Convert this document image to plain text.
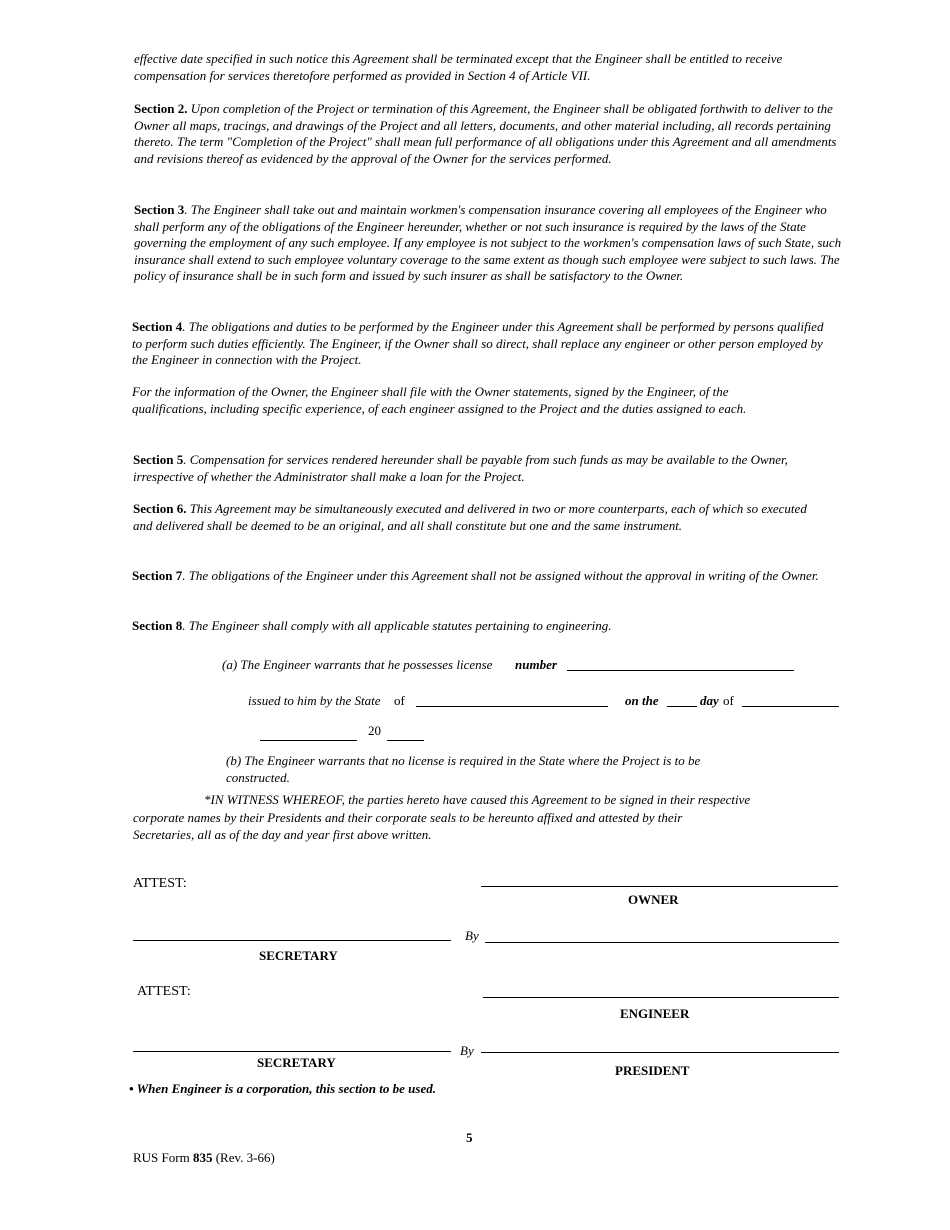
effective date specified in such notice this Agreement shall be terminated except that the Engineer shall be entitled to receive compensation for services theretofore performed as provided in Section 4 of Article VII.

Section 2. Upon completion of the Project or termination of this Agreement, the Engineer shall be obligated forthwith to deliver to the Owner all maps, tracings, and drawings of the Project and all letters, documents, and other material including, all records pertaining thereto. The term "Completion of the Project" shall mean full performance of all obligations under this Agreement and all amendments and revisions thereof as evidenced by the approval of the Owner for the services performed.

Section 3. The Engineer shall take out and maintain workmen's compensation insurance covering all employees of the Engineer who shall perform any of the obligations of the Engineer hereunder, whether or not such insurance is required by the laws of the State governing the employment of any such employee. If any employee is not subject to the workmen's compensation laws of such State, such insurance shall extend to such employee voluntary coverage to the same extent as though such employee were subject to such laws. The policy of insurance shall be in such form and issued by such insurer as shall be satisfactory to the Owner.

Section 4. The obligations and duties to be performed by the Engineer under this Agreement shall be performed by persons qualified to perform such duties efficiently. The Engineer, if the Owner shall so direct, shall replace any engineer or other person employed by the Engineer in connection with the Project.

For the information of the Owner, the Engineer shall file with the Owner statements, signed by the Engineer, of the qualifications, including specific experience, of each engineer assigned to the Project and the duties assigned to each.

Section 5. Compensation for services rendered hereunder shall be payable from such funds as may be available to the Owner, irrespective of whether the Administrator shall make a loan for the Project.

Section 6. This Agreement may be simultaneously executed and delivered in two or more counterparts, each of which so executed and delivered shall be deemed to be an original, and all shall constitute but one and the same instrument.

Section 7. The obligations of the Engineer under this Agreement shall not be assigned without the approval in writing of the Owner.

Section 8. The Engineer shall comply with all applicable statutes pertaining to engineering.

(a) The Engineer warrants that he possesses license number
issued to him by the State of	on the	day of
20

(b) The Engineer warrants that no license is required in the State where the Project is to be constructed.

*IN WITNESS WHEREOF, the parties hereto have caused this Agreement to be signed in their respective
corporate names by their Presidents and their corporate seals to be hereunto affixed and attested by their
Secretaries, all as of the day and year first above written.
ATTEST:
OWNER
By
SECRETARY
ATTEST:
ENGINEER
By
SECRETARY
PRESIDENT
• When Engineer is a corporation, this section to be used.
5
RUS Form 835 (Rev. 3-66)
